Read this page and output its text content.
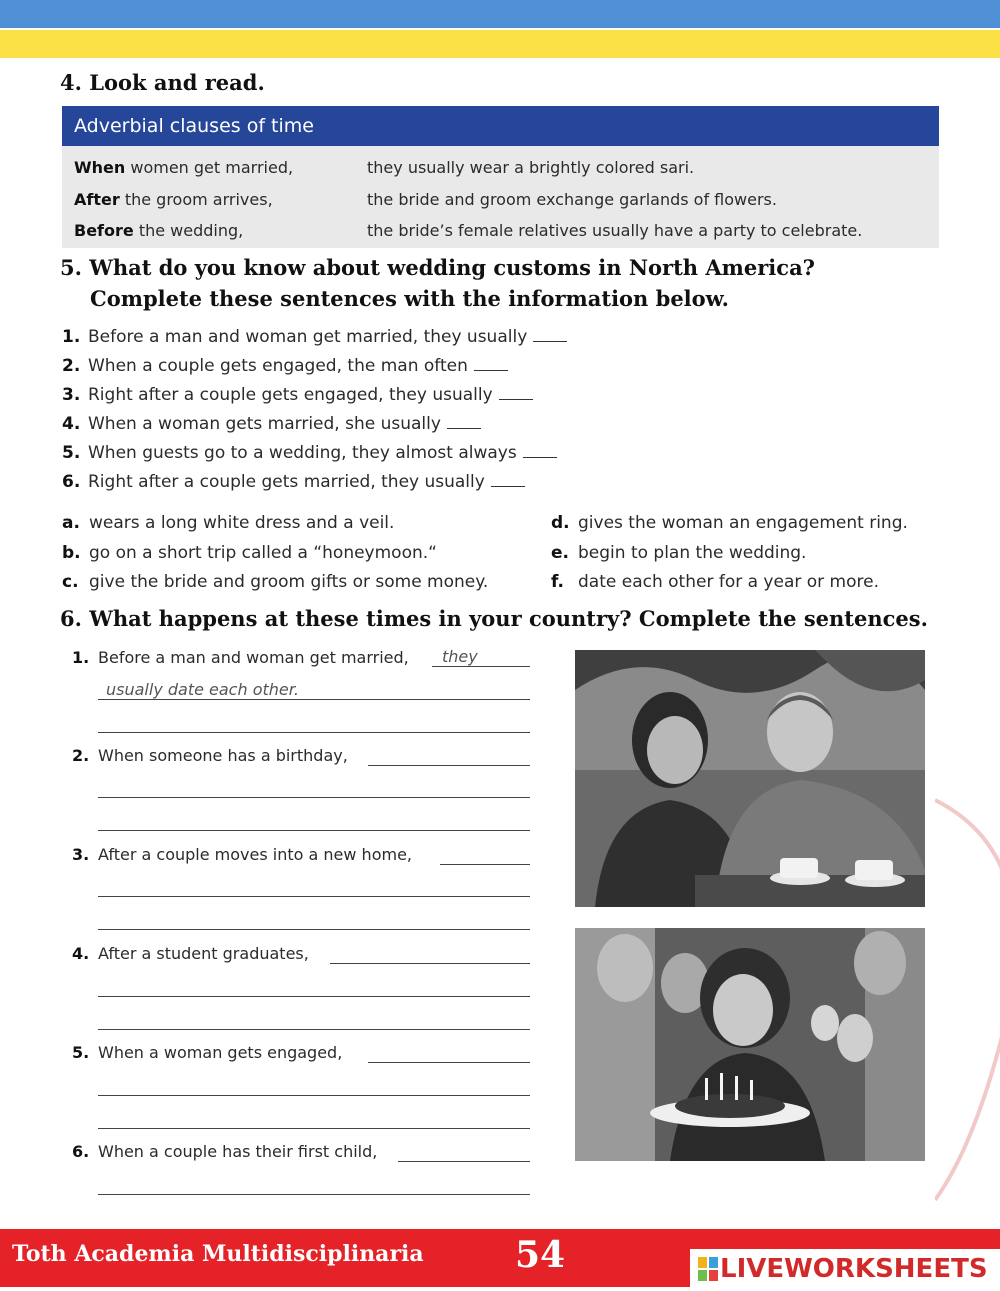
4. Look and read.
Adverbial clauses of time
When women get married,	they usually wear a brightly colored sari.
After the groom arrives,	the bride and groom exchange garlands of flowers.
Before the wedding,	the bride’s female relatives usually have a party to celebrate.
5. What do you know about wedding customs in North America?
Complete these sentences with the information below.
1. Before a man and woman get married, they usually
2. When a couple gets engaged, the man often
3. Right after a couple gets engaged, they usually
4. When a woman gets married, she usually
5. When guests go to a wedding, they almost always
6. Right after a couple gets married, they usually
a. wears a long white dress and a veil.
b. go on a short trip called a “honeymoon.“
c. give the bride and groom gifts or some money.
d. gives the woman an engagement ring.
e. begin to plan the wedding.
f. date each other for a year or more.
6. What happens at these times in your country? Complete the sentences.
1. Before a man and woman get married, they
usually date each other.
2. When someone has a birthday,
3. After a couple moves into a new home,
4. After a student graduates,
5. When a woman gets engaged,
6. When a couple has their first child,
Toth Academia Multidisciplinaria	54	LIVEWORKSHEETS
